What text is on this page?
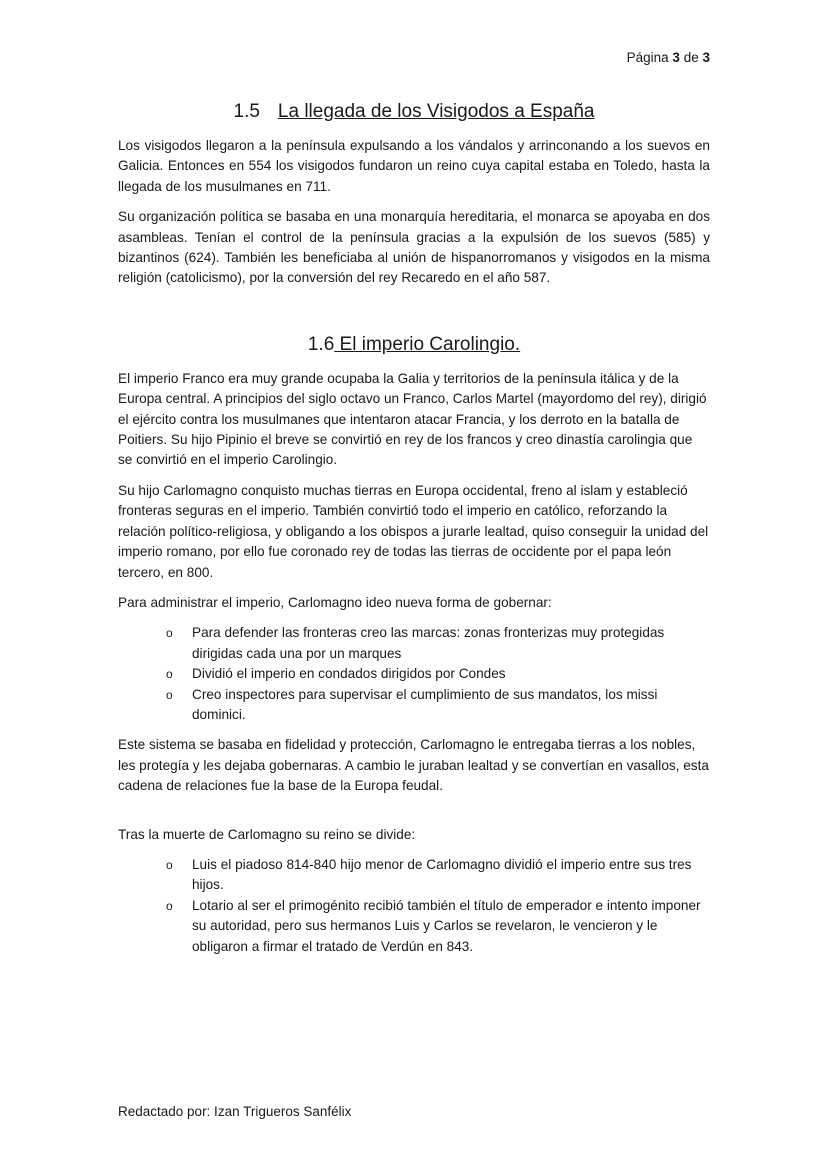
Página 3 de 3
1.5 La llegada de los Visigodos a España

Los visigodos llegaron a la península expulsando a los vándalos y arrinconando a los suevos en Galicia. Entonces en 554 los visigodos fundaron un reino cuya capital estaba en Toledo, hasta la llegada de los musulmanes en 711.

Su organización política se basaba en una monarquía hereditaria, el monarca se apoyaba en dos asambleas. Tenían el control de la península gracias a la expulsión de los suevos (585) y bizantinos (624). También les beneficiaba al unión de hispanorromanos y visigodos en la misma religión (catolicismo), por la conversión del rey Recaredo en el año 587.

1.6 El imperio Carolingio.

El imperio Franco era muy grande ocupaba la Galia y territorios de la península itálica y de la Europa central. A principios del siglo octavo un Franco, Carlos Martel (mayordomo del rey), dirigió el ejército contra los musulmanes que intentaron atacar Francia, y los derroto en la batalla de Poitiers. Su hijo Pipinio el breve se convirtió en rey de los francos y creo dinastía carolingia que se convirtió en el imperio Carolingio.

Su hijo Carlomagno conquisto muchas tierras en Europa occidental, freno al islam y estableció fronteras seguras en el imperio. También convirtió todo el imperio en católico, reforzando la relación político-religiosa, y obligando a los obispos a jurarle lealtad, quiso conseguir la unidad del imperio romano, por ello fue coronado rey de todas las tierras de occidente por el papa león tercero, en 800.

Para administrar el imperio, Carlomagno ideo nueva forma de gobernar:

o Para defender las fronteras creo las marcas: zonas fronterizas muy protegidas dirigidas cada una por un marques
o Dividió el imperio en condados dirigidos por Condes
o Creo inspectores para supervisar el cumplimiento de sus mandatos, los missi dominici.

Este sistema se basaba en fidelidad y protección, Carlomagno le entregaba tierras a los nobles, les protegía y les dejaba gobernaras. A cambio le juraban lealtad y se convertían en vasallos, esta cadena de relaciones fue la base de la Europa feudal.

Tras la muerte de Carlomagno su reino se divide:

o Luis el piadoso 814-840 hijo menor de Carlomagno dividió el imperio entre sus tres hijos.
o Lotario al ser el primogénito recibió también el título de emperador e intento imponer su autoridad, pero sus hermanos Luis y Carlos se revelaron, le vencieron y le obligaron a firmar el tratado de Verdún en 843.
Redactado por: Izan Trigueros Sanfélix
